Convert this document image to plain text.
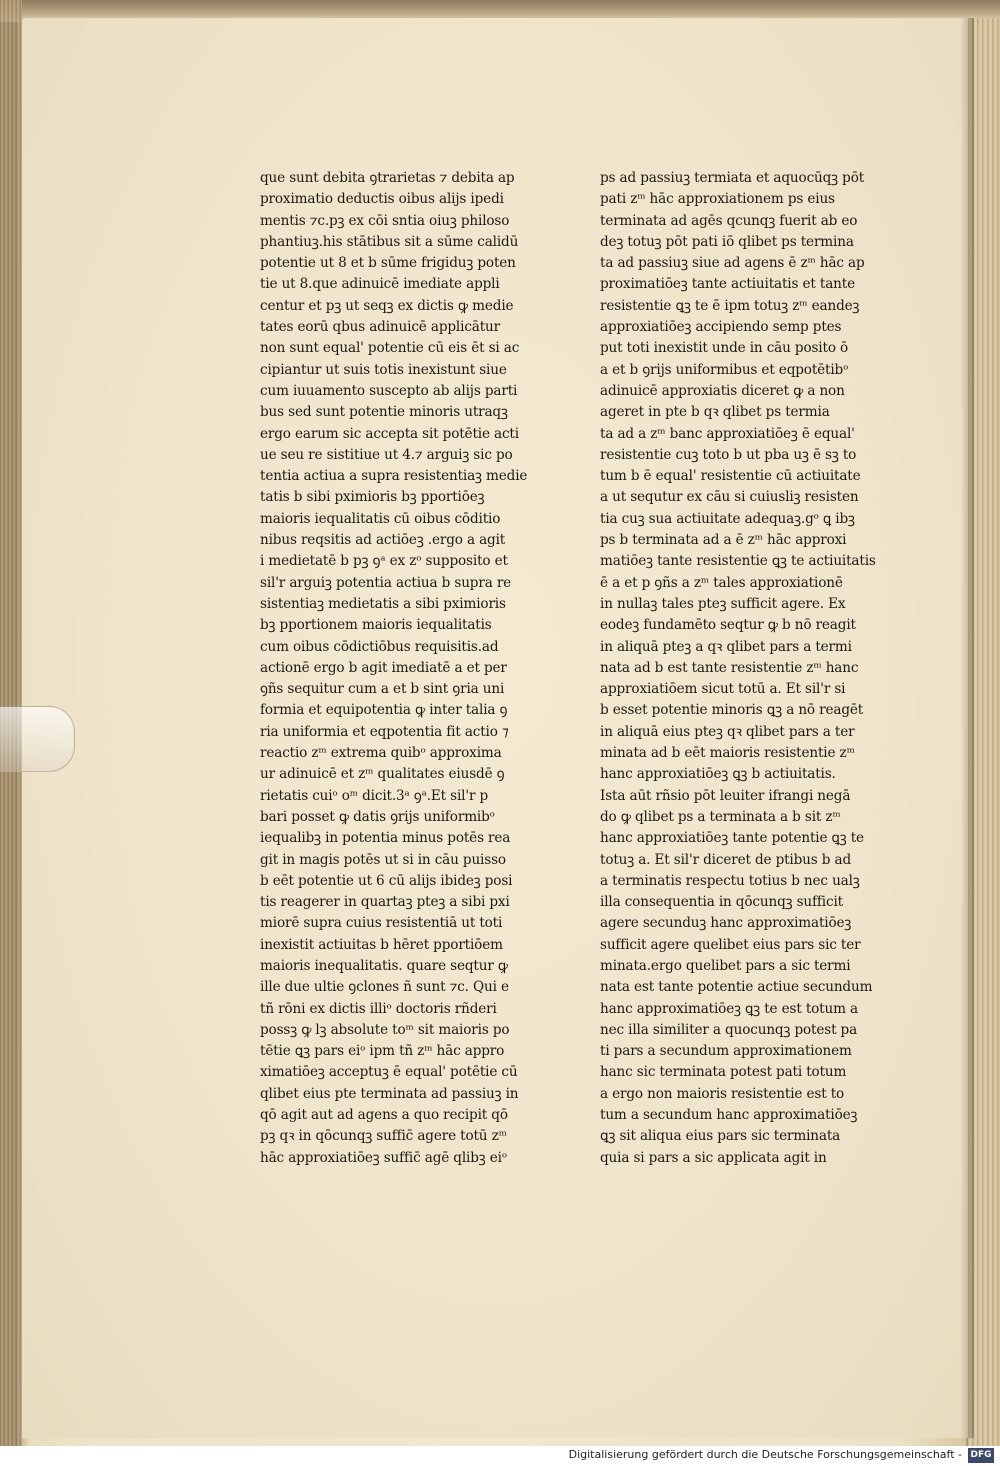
que sunt debita ꝯtrarietas ⁊ debita ap
proximatio deductis oibus alijs ipedi
mentis ⁊c.pꝫ ex cōi sntia oiuꝫ philoso
phantiuꝫ.his stātibus sit a sūme calidū
potentie ut 8 et b sūme frigiduꝫ poten
tie ut 8.que adinuicē imediate appli
centur et pꝫ ut seqꝫ ex dictis ꝙ medie
tates eorū qbus adinuicē applicātur
non sunt equal' potentie cū eis ēt si ac
cipiantur ut suis totis inexistunt siue
cum iuuamento suscepto ab alijs parti
bus sed sunt potentie minoris utraqꝫ
ergo earum sic accepta sit potētie acti
ue seu re sistitiue ut 4.⁊ arguiꝫ sic po
tentia actiua a supra resistentiaꝫ medie
tatis b sibi pximioris bꝫ pportiōeꝫ
maioris iequalitatis cū oibus cōditio
nibus reqsitis ad actiōeꝫ .ergo a agit
i medietatē b pꝫ ꝯᵃ ex zᵒ supposito et
sil'r arguiꝫ potentia actiua b supra re
sistentiaꝫ medietatis a sibi pximioris
bꝫ pportionem maioris iequalitatis
cum oibus cōdictiōbus requisitis.ad
actionē ergo b agit imediatē a et per
ꝯñs sequitur cum a et b sint ꝯria uni
formia et equipotentia ꝙ inter talia ꝯ
ria uniformia et eqpotentia fit actio ⁊
reactio zᵐ extrema quibᵒ approxima
ur adinuicē et zᵐ qualitates eiusdē ꝯ
rietatis cuiᵒ oᵐ dicit.3ᵃ ꝯᵃ.Et sil'r p
bari posset ꝙ datis ꝯrijs uniformibᵒ
iequalibꝫ in potentia minus potēs rea
git in magis potēs ut si in cāu puisso
b eēt potentie ut 6 cū alijs ibideꝫ posi
tis reagerer in quartaꝫ pteꝫ a sibi pxi
miorē supra cuius resistentiā ut toti
inexistit actiuitas b hēret pportiōem
maioris inequalitatis. quare seqtur ꝙ
ille due ultie ꝯclones ñ sunt ⁊c. Qui e
tñ rōni ex dictis illiᵒ doctoris rñderi
possꝫ ꝙ lꝫ absolute toᵐ sit maioris po
tētie ꝗꝫ pars eiᵒ ipm tñ zᵐ hāc appro
ximatiōeꝫ acceptuꝫ ē equal' potētie cū
qlibet eius pte terminata ad passiuꝫ in
qō agit aut ad agens a quo recipit qō
pꝫ qꝛ in qōcunqꝫ suffic̄ agere totū zᵐ
hāc approxiatiōeꝫ suffic̄ agē qlibꝫ eiᵒ
ps ad passiuꝫ termiata et aquocūqꝫ pōt
pati zᵐ hāc approxiationem ps eius
terminata ad agēs qcunqꝫ fuerit ab eo
deꝫ totuꝫ pōt pati iō qlibet ps termina
ta ad passiuꝫ siue ad agens ē zᵐ hāc ap
proximatiōeꝫ tante actiuitatis et tante
resistentie ꝗꝫ te ē ipm totuꝫ zᵐ eandeꝫ
approxiatiōeꝫ accipiendo semp ptes
put toti inexistit unde in cāu posito ō
a et b ꝯrijs uniformibus et eqpotētibᵒ
adinuicē approxiatis diceret ꝙ a non
ageret in pte b qꝛ qlibet ps termia
ta ad a zᵐ banc approxiatiōeꝫ ē equal'
resistentie cuꝫ toto b ut pba uꝫ ē sꝫ to
tum b ē equal' resistentie cū actiuitate
a ut sequtur ex cāu si cuiusliꝫ resisten
tia cuꝫ sua actiuitate adequaꝫ.gᵒ ꝗ ibꝫ
ps b terminata ad a ē zᵐ hāc approxi
matiōeꝫ tante resistentie ꝗꝫ te actiuitatis
ē a et p ꝯñs a zᵐ tales approxiationē
in nullaꝫ tales pteꝫ sufficit agere. Ex
eodeꝫ fundamēto seqtur ꝙ b nō reagit
in aliquā pteꝫ a qꝛ qlibet pars a termi
nata ad b est tante resistentie zᵐ hanc
approxiatiōem sicut totū a. Et sil'r si
b esset potentie minoris ꝗꝫ a nō reagēt
in aliquā eius pteꝫ qꝛ qlibet pars a ter
minata ad b eēt maioris resistentie zᵐ
hanc approxiatiōeꝫ ꝗꝫ b actiuitatis.
Ista aūt rñsio pōt leuiter ifrangi negā
do ꝙ qlibet ps a terminata a b sit zᵐ
hanc approxiatiōeꝫ tante potentie ꝗꝫ te
totuꝫ a. Et sil'r diceret de ptibus b ad
a terminatis respectu totius b nec ualꝫ
illa consequentia in qōcunqꝫ sufficit
agere secunduꝫ hanc approximatiōeꝫ
sufficit agere quelibet eius pars sic ter
minata.ergo quelibet pars a sic termi
nata est tante potentie actiue secundum
hanc approximatiōeꝫ ꝗꝫ te est totum a
nec illa similiter a quocunqꝫ potest pa
ti pars a secundum approximationem
hanc sic terminata potest pati totum
a ergo non maioris resistentie est to
tum a secundum hanc approximatiōeꝫ
ꝗꝫ sit aliqua eius pars sic terminata
quia si pars a sic applicata agit in
Digitalisierung gefördert durch die Deutsche Forschungsgemeinschaft - DFG
